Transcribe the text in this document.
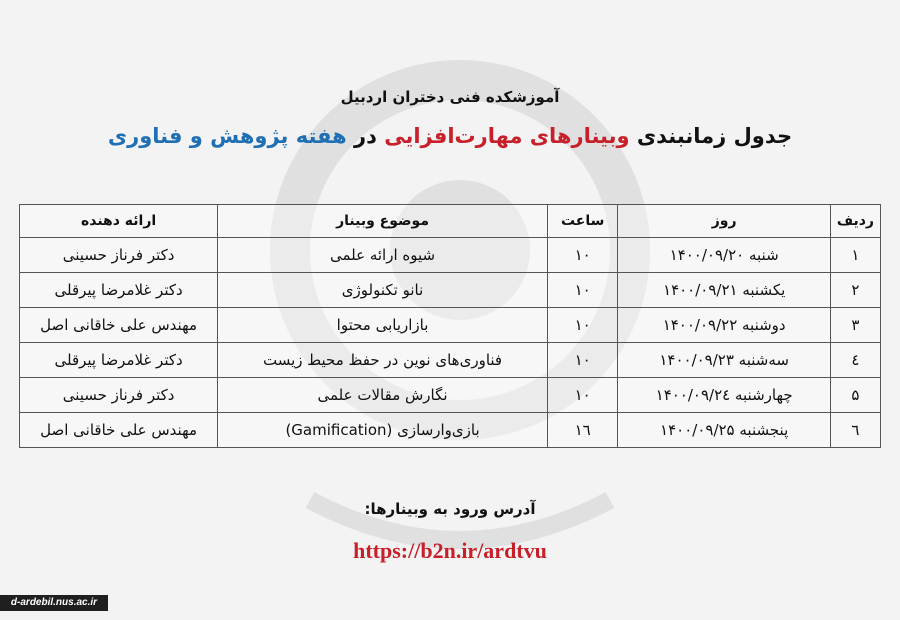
آموزشکده فنی دختران اردبیل
جدول زمانبندی وبینارهای مهارت‌افزایی در هفته پژوهش و فناوری
ردیف	روز	ساعت	موضوع وبینار	ارائه دهنده
۱	شنبه ۱۴۰۰/۰۹/۲۰	۱۰	شیوه ارائه علمی	دکتر فرناز حسینی
۲	یکشنبه ۱۴۰۰/۰۹/۲۱	۱۰	نانو تکنولوژی	دکتر غلامرضا پیرقلی
۳	دوشنبه ۱۴۰۰/۰۹/۲۲	۱۰	بازاریابی محتوا	مهندس علی خاقانی اصل
٤	سه‌شنبه ۱۴۰۰/۰۹/۲۳	۱۰	فناوری‌های نوین در حفظ محیط زیست	دکتر غلامرضا پیرقلی
۵	چهارشنبه ۱۴۰۰/۰۹/۲٤	۱۰	نگارش مقالات علمی	دکتر فرناز حسینی
٦	پنجشنبه ۱۴۰۰/۰۹/۲۵	۱٦	بازی‌وارسازی (Gamification)	مهندس علی خاقانی اصل
آدرس ورود به وبینارها:
https://b2n.ir/ardtvu
d-ardebil.nus.ac.ir
